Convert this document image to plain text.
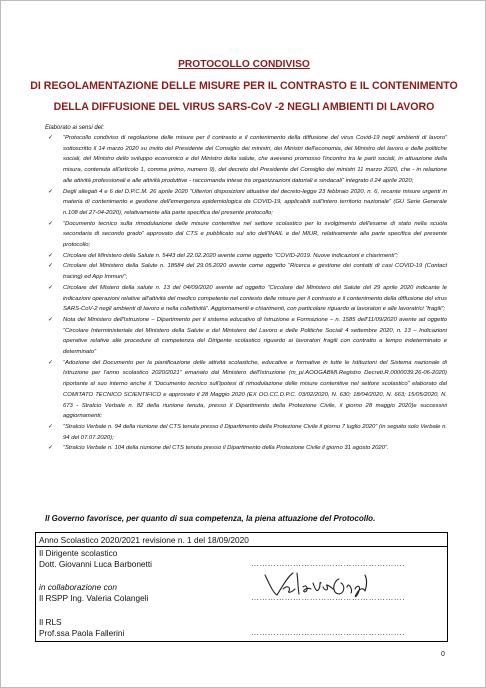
PROTOCOLLO CONDIVISO
DI REGOLAMENTAZIONE DELLE MISURE PER IL CONTRASTO E IL CONTENIMENTO
DELLA DIFFUSIONE DEL VIRUS SARS-CoV -2 NEGLI AMBIENTI DI LAVORO
Elaborato ai sensi del:
✓ “Protocollo condiviso di regolazione delle misure per il contrasto e il contenimento della diffusione del virus Covid-19 negli ambienti di lavoro” sottoscritto il 14 marzo 2020 su invito del Presidente del Consiglio dei ministri, dei Ministri dell'economia, del Ministro del lavoro e delle politiche sociali, del Ministro dello sviluppo economico e del Ministro della salute, che avevano promosso l'incontro tra le parti sociali, in attuazione della misura, contenuta all'articolo 1, comma primo, numero 9), del decreto del Presidente del Consiglio dei ministri 11 marzo 2020, che - in relazione alle attività professionali e alle attività produttive - raccomanda intese tra organizzazioni datoriali e sindacali” integrato il 24 aprile 2020;
✓ Degli allegati 4 e 6 del D.P.C.M. 26 aprile 2020 “Ulteriori disposizioni attuative del decreto-legge 23 febbraio 2020, n. 6, recante misure urgenti in materia di contenimento e gestione dell'emergenza epidemiologica da COVID-19, applicabili sull'intero territorio nazionale” (GU Serie Generale n.108 del 27-04-2020), relativamente alla parte specifica del presente protocollo;
✓ “Documento tecnico sulla rimodulazione delle misure contenitive nel settore scolastico per lo svolgimento dell'esame di stato nella scuola secondaria di secondo grado” approvato dal CTS e pubblicato sul sito dell'INAIL e del MIUR, relativamente alla parte specifica del presente protocollo;
✓ Circolare del Ministero della Salute n. 5443 del 22.02.2020 avente come oggetto “COVID-2019. Nuove indicazioni e chiarimenti”;
✓ Circolare del Ministero della Salute n. 18584 del 29.05.2020 avente come oggetto “Ricerca e gestione dei contatti di casi COVID-19 (Contact tracing) ed App Immuni”;
✓ Circolare del Mistero della salute n. 13 del 04/09/2020 avente ad oggetto “Circolare del Ministero del Salute del 29 aprile 2020 indicante le indicazioni operazioni relative all'attività del medico competente nel contesto delle misure per il contrasto e il contenimento della diffusione del virus SARS-CoV-2 negli ambienti di lavoro e nella collettività”. Aggiornamenti e chiarimenti, con particolare riguardo ai lavoratori e alle lavoratrici “fragili”;
✓ Nota del Ministero dell'Istruzione – Dipartimento per il sistema educativo di Istruzione e Formazione – n. 1585 dell'11/09/2020 avente ad oggetto “Circolare Interministeriale del Ministero della Salute e del Ministero del Lavoro e delle Politiche Sociali 4 settembre 2020, n. 13 – Indicazioni operative relative alle procedure di competenza del Dirigente scolastico riguardo ai lavoratori fragili con contratto a tempo indeterminato e determinato”
✓ “Adozione del Documento per la pianificazione delle attività scolastiche, educative e formative in tutte le Istituzioni del Sistema nazionale di Istruzione per l'anno scolastico 2020/2021” emanato dal Ministero dell'Istruzione (m_pi.AOOGABMI.Registro Decreti.R.0000039.26-06-2020) riportante al suo interno anche il “Documento tecnico sull'ipotesi di rimodulazione delle misure contenitive nel settore scolastico” elaborato dal COMITATO TECNICO SCIENTIFICO e approvato il 28 Maggio 2020 (EX OO.CC.D.P.C. 03/02/2020, N. 630; 18/04/2020, N. 663; 15/05/2020, N. 673 - Stralcio Verbale n. 82 della riunione tenuta, presso il Dipartimento della Protezione Civile, il giorno 28 maggio 2020)e successivi aggiornamenti;
✓ “Stralcio Verbale n. 94 della riunione del CTS tenuta presso il Dipartimento della Protezione Civile il giorno 7 luglio 2020” (in seguito solo Verbale n. 94 del 07.07.2020);
✓ “Stralcio Verbale n. 104 della riunione del CTS tenuta presso il Dipartimento della Protezione Civile il giorno 31 agosto 2020”.
Il Governo favorisce, per quanto di sua competenza, la piena attuazione del Protocollo.
Anno Scolastico 2020/2021 revisione n. 1 del 18/09/2020
Il Dirigente scolastico
Dott. Giovanni Luca Barbonetti	……………………………………………….
in collaborazione con
Il RSPP Ing. Valeria Colangeli	……………………………………………….
Il RLS
Prof.ssa Paola Fallerini	……………………………………………….
0
